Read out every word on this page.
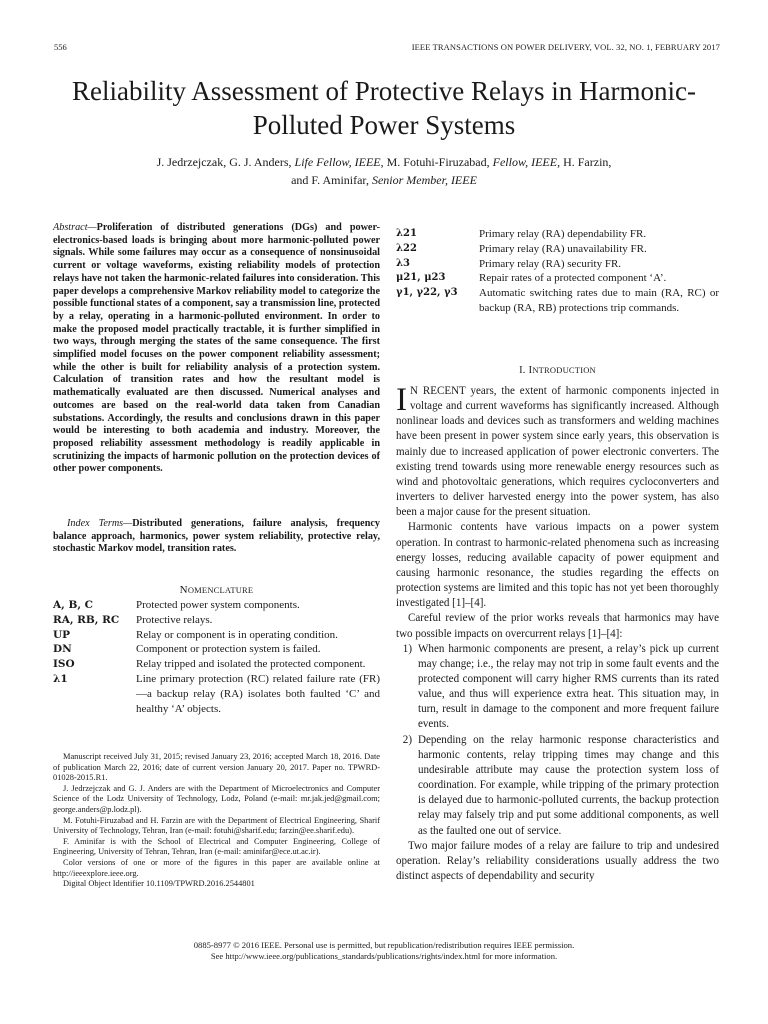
556	IEEE TRANSACTIONS ON POWER DELIVERY, VOL. 32, NO. 1, FEBRUARY 2017
Reliability Assessment of Protective Relays in Harmonic-Polluted Power Systems
J. Jedrzejczak, G. J. Anders, Life Fellow, IEEE, M. Fotuhi-Firuzabad, Fellow, IEEE, H. Farzin,
and F. Aminifar, Senior Member, IEEE
Abstract—Proliferation of distributed generations (DGs) and power-electronics-based loads is bringing about more harmonic-polluted power signals. While some failures may occur as a consequence of nonsinusoidal current or voltage waveforms, existing reliability models of protection relays have not taken the harmonic-related failures into consideration. This paper develops a comprehensive Markov reliability model to categorize the possible functional states of a component, say a transmission line, protected by a relay, operating in a harmonic-polluted environment. In order to make the proposed model practically tractable, it is further simplified in two ways, through merging the states of the same consequence. The first simplified model focuses on the power component reliability assessment; while the other is built for reliability analysis of a protection system. Calculation of transition rates and how the resultant model is mathematically evaluated are then discussed. Numerical analyses and outcomes are based on the real-world data taken from Canadian substations. Accordingly, the results and conclusions drawn in this paper would be interesting to both academia and industry. Moreover, the proposed reliability assessment methodology is readily applicable in scrutinizing the impacts of harmonic pollution on the protection devices of other power components.
Index Terms—Distributed generations, failure analysis, frequency balance approach, harmonics, power system reliability, protective relay, stochastic Markov model, transition rates.
NOMENCLATURE
A, B, C	Protected power system components.
RA, RB, RC	Protective relays.
UP	Relay or component is in operating condition.
DN	Component or protection system is failed.
ISO	Relay tripped and isolated the protected component.
λ1	Line primary protection (RC) related failure rate (FR)—a backup relay (RA) isolates both faulted ‘C’ and healthy ‘A’ objects.

Manuscript received July 31, 2015; revised January 23, 2016; accepted March 18, 2016. Date of publication March 22, 2016; date of current version January 20, 2017. Paper no. TPWRD-01028-2015.R1.

J. Jedrzejczak and G. J. Anders are with the Department of Microelectronics and Computer Science of the Lodz University of Technology, Lodz, Poland (e-mail: mr.jak.jed@gmail.com; george.anders@p.lodz.pl).

M. Fotuhi-Firuzabad and H. Farzin are with the Department of Electrical Engineering, Sharif University of Technology, Tehran, Iran (e-mail: fotuhi@sharif.edu; farzin@ee.sharif.edu).

F. Aminifar is with the School of Electrical and Computer Engineering, College of Engineering, University of Tehran, Tehran, Iran (e-mail: aminifar@ece.ut.ac.ir).

Color versions of one or more of the figures in this paper are available online at http://ieeexplore.ieee.org.

Digital Object Identifier 10.1109/TPWRD.2016.2544801

λ21	Primary relay (RA) dependability FR.
λ22	Primary relay (RA) unavailability FR.
λ3	Primary relay (RA) security FR.
μ21, μ23	Repair rates of a protected component ‘A’.
γ1, γ22, γ3	Automatic switching rates due to main (RA, RC) or backup (RA, RB) protections trip commands.
I. INTRODUCTION

I N RECENT years, the extent of harmonic components injected in voltage and current waveforms has significantly increased. Although nonlinear loads and devices such as transformers and welding machines have been present in power system since early years, this observation is mainly due to increased application of power electronic converters. The existing trend towards using more renewable energy resources such as wind and photovoltaic generations, which requires cycloconverters and inverters to deliver harvested energy into the power system, has also been a major cause for the present situation.

Harmonic contents have various impacts on a power system operation. In contrast to harmonic-related phenomena such as increasing energy losses, reducing available capacity of power equipment and causing harmonic resonance, the studies regarding the effects on protection systems are limited and this topic has not yet been thoroughly investigated [1]–[4].

Careful review of the prior works reveals that harmonics may have two possible impacts on overcurrent relays [1]–[4]:

1) When harmonic components are present, a relay’s pick up current may change; i.e., the relay may not trip in some fault events and the protected component will carry higher RMS currents than its rated value, and thus will experience extra heat. This situation may, in turn, result in damage to the component and more frequent failure events.
2) Depending on the relay harmonic response characteristics and harmonic contents, relay tripping times may change and this undesirable attribute may cause the protection system loss of coordination. For example, while tripping of the primary protection is delayed due to harmonic-polluted currents, the backup protection relay may falsely trip and put some additional components, as well as the faulted one out of service.

Two major failure modes of a relay are failure to trip and undesired operation. Relay’s reliability considerations usually address the two distinct aspects of dependability and security

0885-8977 © 2016 IEEE. Personal use is permitted, but republication/redistribution requires IEEE permission.
See http://www.ieee.org/publications_standards/publications/rights/index.html for more information.
